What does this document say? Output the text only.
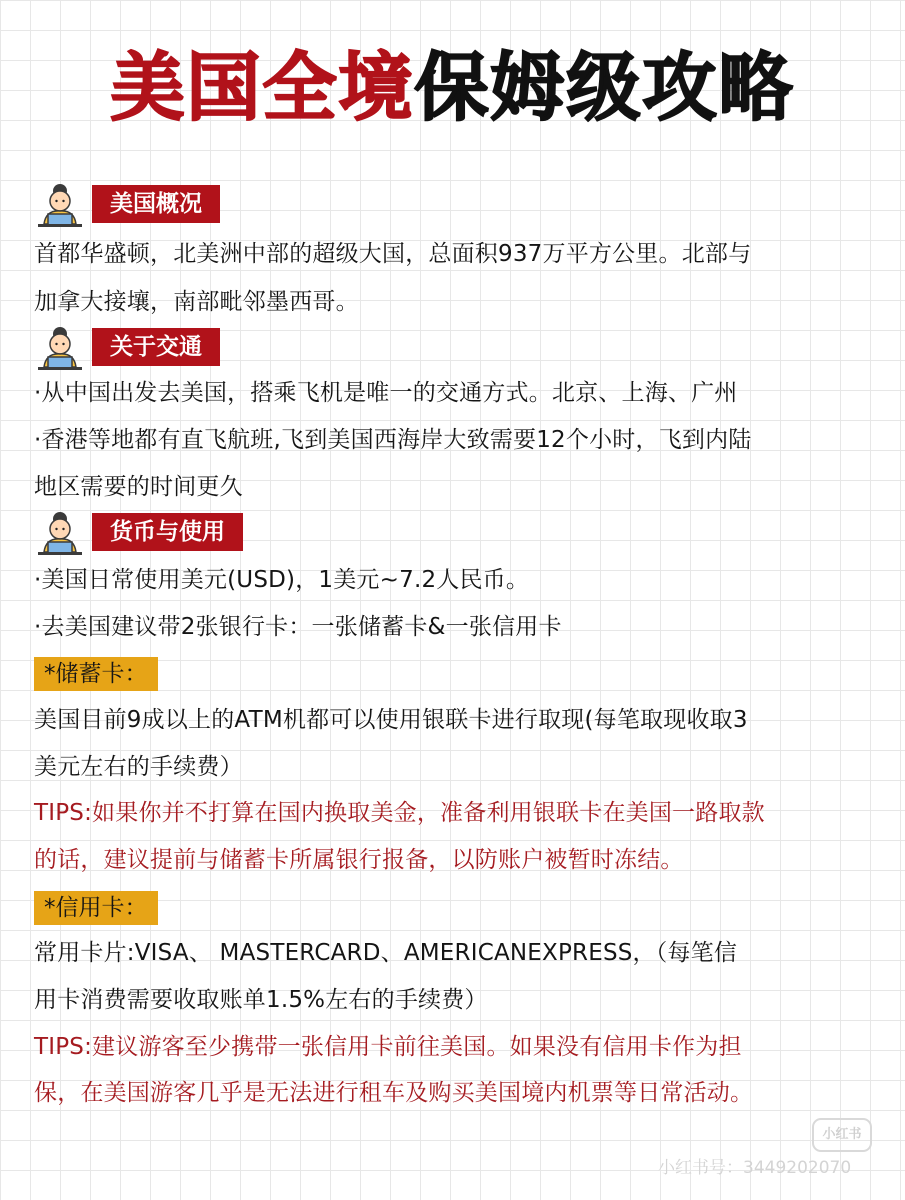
美国全境保姆级攻略
美国概况
首都华盛顿，北美洲中部的超级大国，总面积937万平方公里。北部与
加拿大接壤，南部毗邻墨西哥。
关于交通
·从中国出发去美国，搭乘飞机是唯一的交通方式。北京、上海、广州
·香港等地都有直飞航班,飞到美国西海岸大致需要12个小时，飞到内陆
地区需要的时间更久
货币与使用
·美国日常使用美元(USD)，1美元~7.2人民币。
·去美国建议带2张银行卡：一张储蓄卡&一张信用卡
*储蓄卡：
美国目前9成以上的ATM机都可以使用银联卡进行取现(每笔取现收取3
美元左右的手续费）
TIPS:如果你并不打算在国内换取美金，准备利用银联卡在美国一路取款
的话，建议提前与储蓄卡所属银行报备，以防账户被暂时冻结。
*信用卡：
常用卡片:VISA、 MASTERCARD、AMERICANEXPRESS，（每笔信
用卡消费需要收取账单1.5%左右的手续费）
TIPS:建议游客至少携带一张信用卡前往美国。如果没有信用卡作为担
保，在美国游客几乎是无法进行租车及购买美国境内机票等日常活动。
小红书
小红书号：3449202070
